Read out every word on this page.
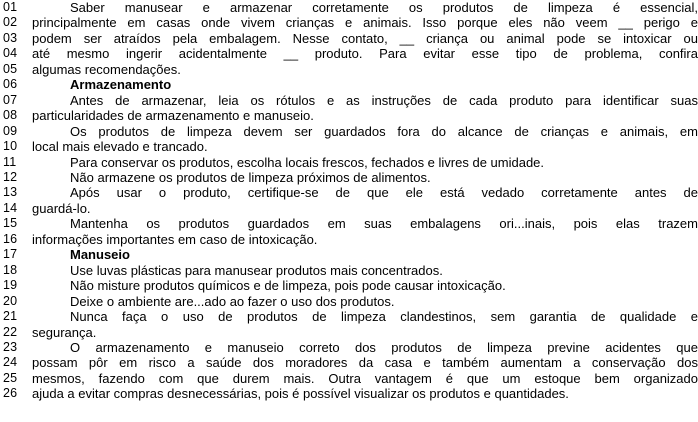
01	Saber manusear e armazenar corretamente os produtos de limpeza é essencial,
02	principalmente em casas onde vivem crianças e animais. Isso porque eles não veem __ perigo e
03	podem ser atraídos pela embalagem. Nesse contato, __ criança ou animal pode se intoxicar ou
04	até mesmo ingerir acidentalmente __ produto. Para evitar esse tipo de problema, confira
05	algumas recomendações.
06	Armazenamento
07	Antes de armazenar, leia os rótulos e as instruções de cada produto para identificar suas
08	particularidades de armazenamento e manuseio.
09	Os produtos de limpeza devem ser guardados fora do alcance de crianças e animais, em
10	local mais elevado e trancado.
11	Para conservar os produtos, escolha locais frescos, fechados e livres de umidade.
12	Não armazene os produtos de limpeza próximos de alimentos.
13	Após usar o produto, certifique-se de que ele está vedado corretamente antes de
14	guardá-lo.
15	Mantenha os produtos guardados em suas embalagens ori...inais, pois elas trazem
16	informações importantes em caso de intoxicação.
17	Manuseio
18	Use luvas plásticas para manusear produtos mais concentrados.
19	Não misture produtos químicos e de limpeza, pois pode causar intoxicação.
20	Deixe o ambiente are...ado ao fazer o uso dos produtos.
21	Nunca faça o uso de produtos de limpeza clandestinos, sem garantia de qualidade e
22	segurança.
23	O armazenamento e manuseio correto dos produtos de limpeza previne acidentes que
24	possam pôr em risco a saúde dos moradores da casa e também aumentam a conservação dos
25	mesmos, fazendo com que durem mais. Outra vantagem é que um estoque bem organizado
26	ajuda a evitar compras desnecessárias, pois é possível visualizar os produtos e quantidades.
